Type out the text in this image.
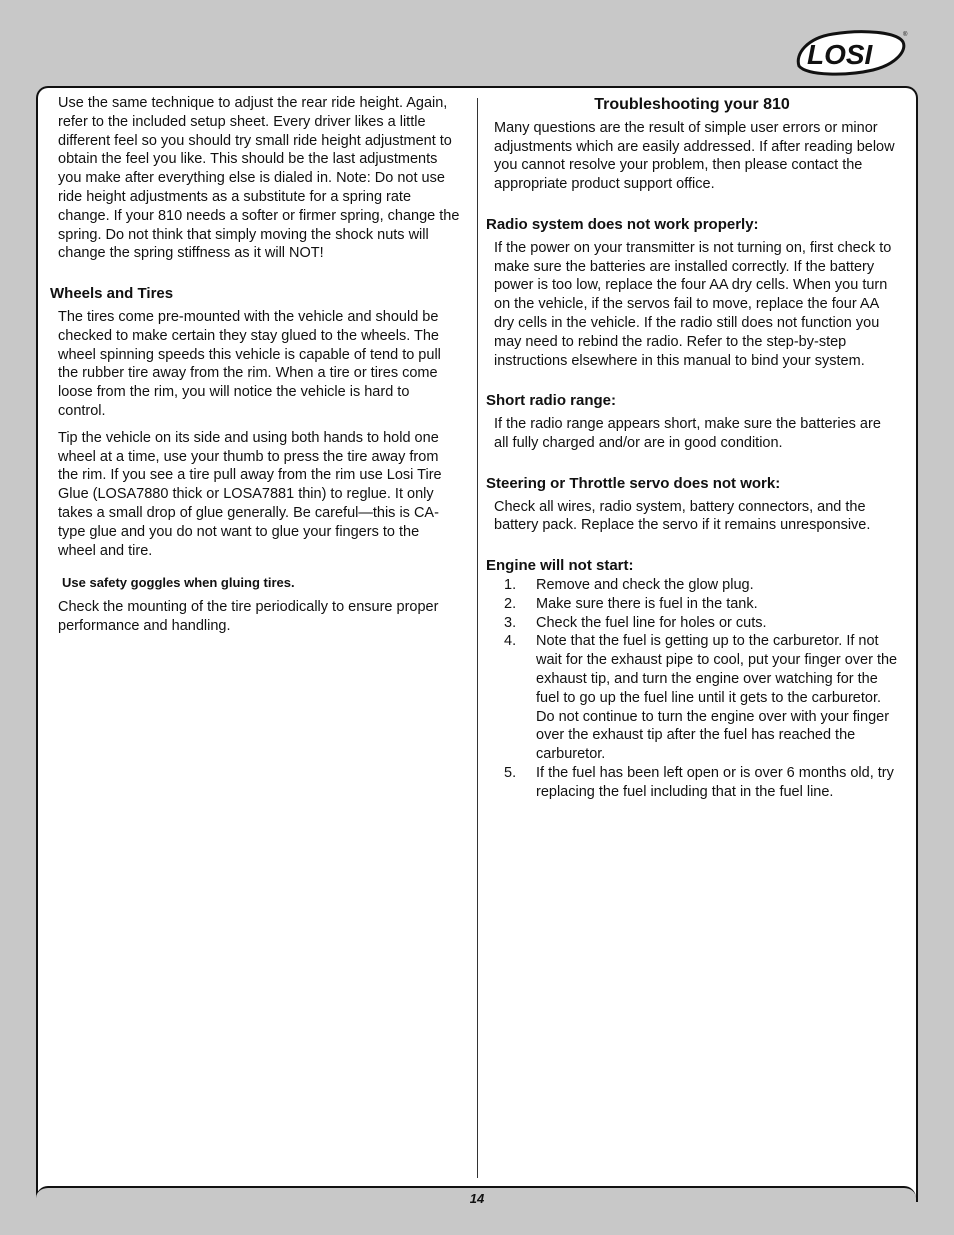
LOSI
®

Use the same technique to adjust the rear ride height. Again, refer to the included setup sheet. Every driver likes a little different feel so you should try small ride height adjustment to obtain the feel you like. This should be the last adjustments you make after everything else is dialed in. Note: Do not use ride height adjustments as a substitute for a spring rate change. If your 810 needs a softer or firmer spring, change the spring. Do not think that simply moving the shock nuts will change the spring stiffness as it will NOT!

Wheels and Tires

The tires come pre-mounted with the vehicle and should be checked to make certain they stay glued to the wheels. The wheel spinning speeds this vehicle is capable of tend to pull the rubber tire away from the rim. When a tire or tires come loose from the rim, you will notice the vehicle is hard to control.

Tip the vehicle on its side and using both hands to hold one wheel at a time, use your thumb to press the tire away from the rim. If you see a tire pull away from the rim use Losi Tire Glue (LOSA7880 thick or LOSA7881 thin) to reglue. It only takes a small drop of glue generally. Be careful—this is CA-type glue and you do not want to glue your fingers to the wheel and tire.

Use safety goggles when gluing tires.

Check the mounting of the tire periodically to ensure proper performance and handling.

Troubleshooting your 810

Many questions are the result of simple user errors or minor adjustments which are easily addressed. If after reading below you cannot resolve your problem, then please contact the appropriate product support office.

Radio system does not work properly:

If the power on your transmitter is not turning on, first check to make sure the batteries are installed correctly. If the battery power is too low, replace the four AA dry cells. When you turn on the vehicle, if the servos fail to move, replace the four AA dry cells in the vehicle. If the radio still does not function you may need to rebind the radio. Refer to the step-by-step instructions elsewhere in this manual to bind your system.

Short radio range:

If the radio range appears short, make sure the batteries are all fully charged and/or are in good condition.

Steering or Throttle servo does not work:

Check all wires, radio system, battery connectors, and the battery pack. Replace the servo if it remains unresponsive.

Engine will not start:
1.	Remove and check the glow plug.
2.	Make sure there is fuel in the tank.
3.	Check the fuel line for holes or cuts.
4.	Note that the fuel is getting up to the carburetor. If not wait for the exhaust pipe to cool, put your finger over the exhaust tip, and turn the engine over watching for the fuel to go up the fuel line until it gets to the carburetor. Do not continue to turn the engine over with your finger over the exhaust tip after the fuel has reached the carburetor.
5.	If the fuel has been left open or is over 6 months old, try replacing the fuel including that in the fuel line.
14
